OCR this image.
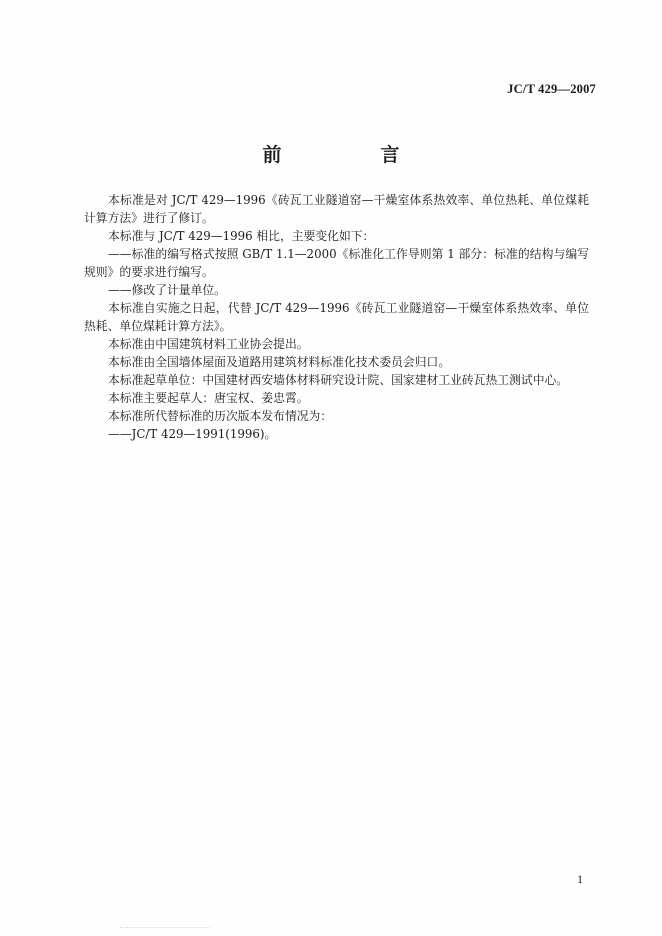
JC/T 429—2007
前　言

本标准是对 JC/T 429—1996《砖瓦工业隧道窑—干燥室体系热效率、单位热耗、单位煤耗计算方法》进行了修订。

本标准与 JC/T 429—1996 相比，主要变化如下：

——标准的编写格式按照 GB/T 1.1—2000《标准化工作导则第 1 部分：标准的结构与编写规则》的要求进行编写。

——修改了计量单位。

本标准自实施之日起，代替 JC/T 429—1996《砖瓦工业隧道窑—干燥室体系热效率、单位热耗、单位煤耗计算方法》。

本标准由中国建筑材料工业协会提出。

本标准由全国墙体屋面及道路用建筑材料标准化技术委员会归口。

本标准起草单位：中国建材西安墙体材料研究设计院、国家建材工业砖瓦热工测试中心。

本标准主要起草人：唐宝权、姜忠霄。

本标准所代替标准的历次版本发布情况为：

——JC/T 429—1991(1996)。

1
